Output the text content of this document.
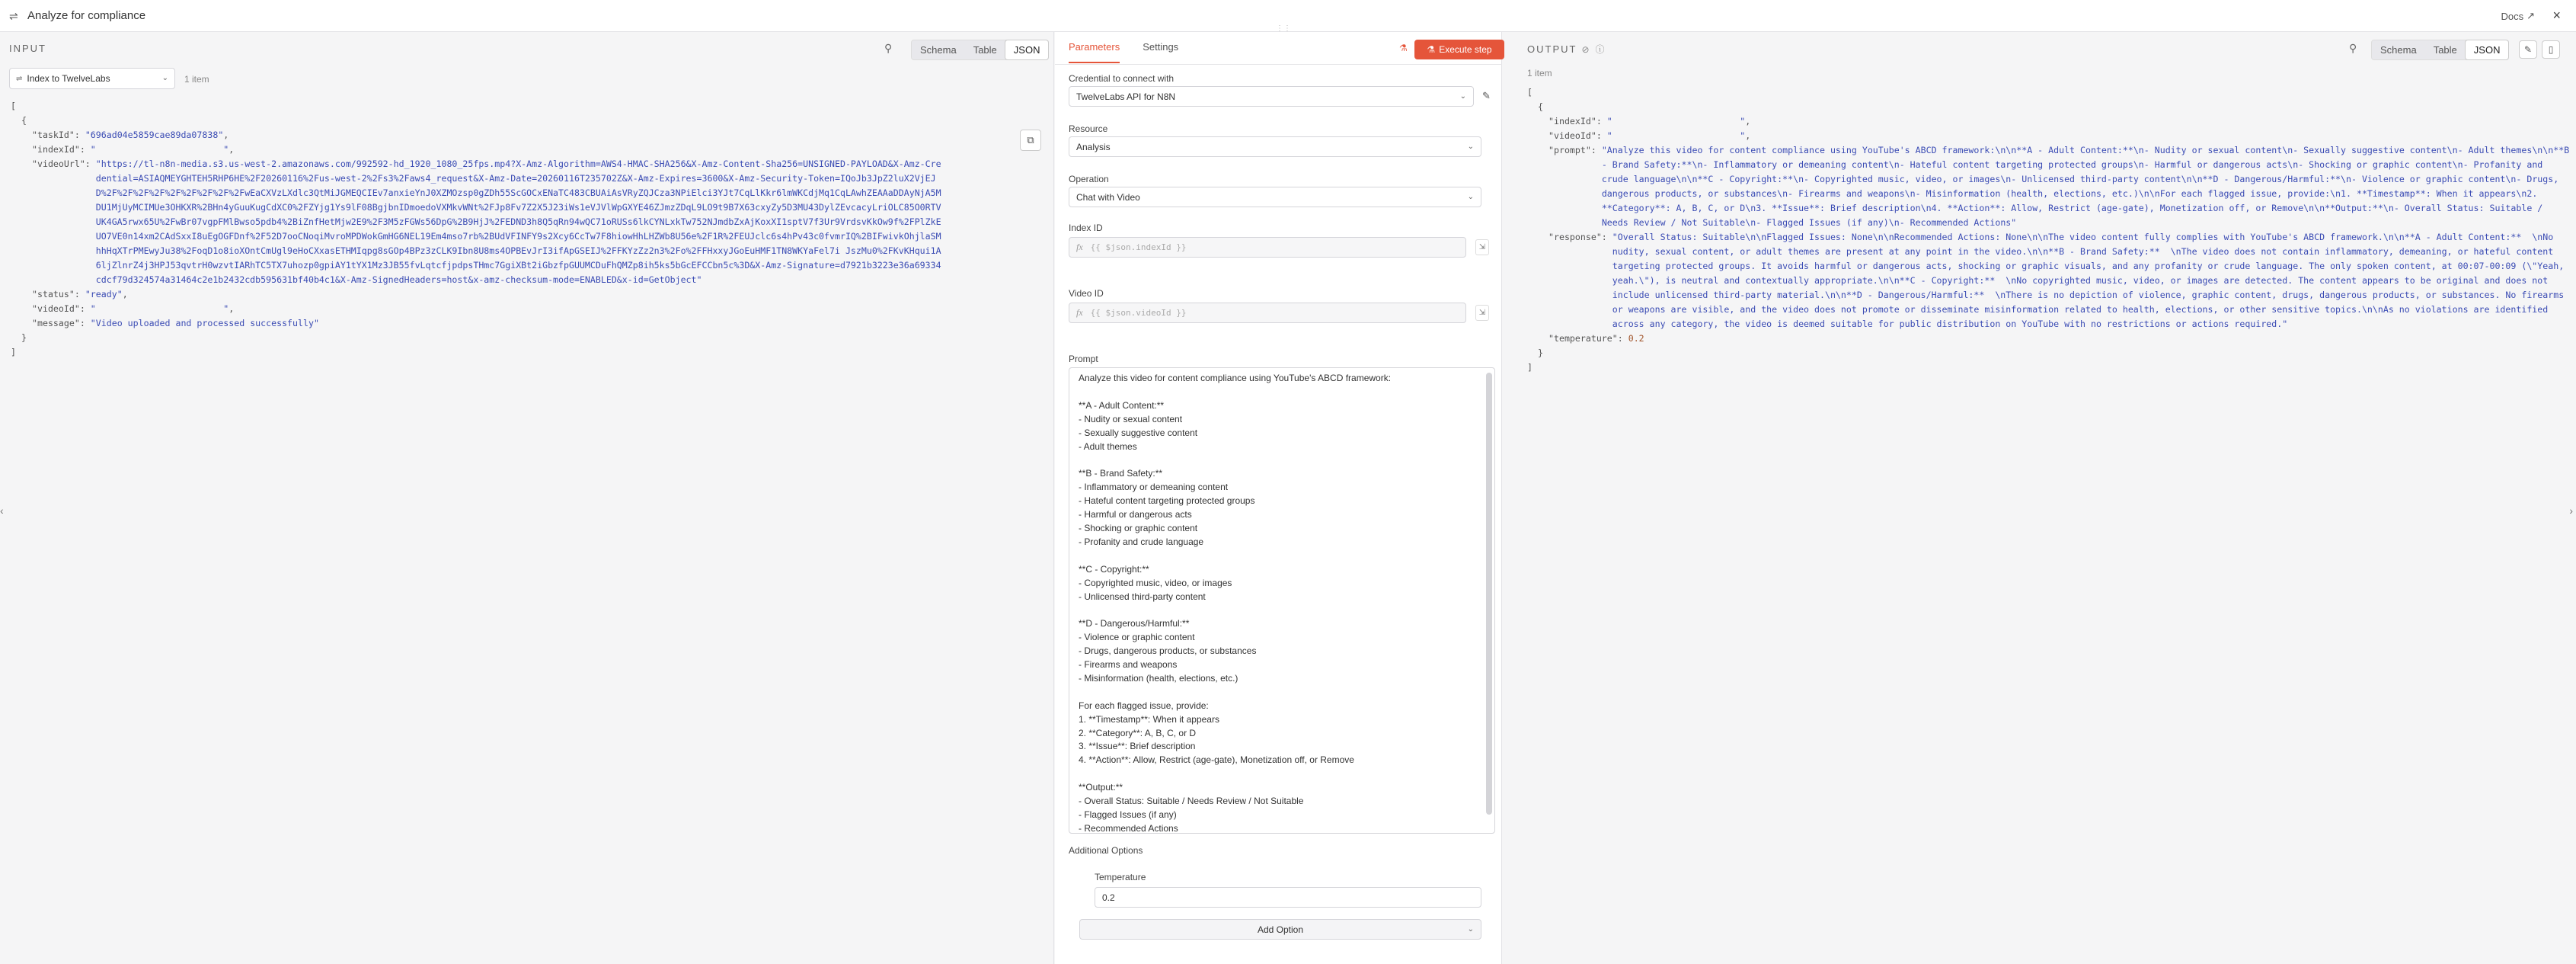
⇌ Analyze for compliance	Docs ↗ ×
INPUT	⚲	Schema	Table	JSON
⇌ Index to TwelveLabs	⌄ 1 item
⧉
[
{
"taskId": "696ad04e5859cae89da07838",
"indexId": "                        ",
"videoUrl": "https://tl-n8n-media.s3.us-west-2.amazonaws.com/992592-hd_1920_1080_25fps.mp4?X-Amz-Algorithm=AWS4-HMAC-SHA256&X-Amz-Content-Sha256=UNSIGNED-PAYLOAD&X-Amz-Credential=ASIAQMEYGHTEH5RHP6HE%2F20260116%2Fus-west-2%2Fs3%2Faws4_request&X-Amz-Date=20260116T235702Z&X-Amz-Expires=3600&X-Amz-Security-Token=IQoJb3JpZ2luX2VjEJD%2F%2F%2F%2F%2F%2F%2F%2F%2FwEaCXVzLXdlc3QtMiJGMEQCIEv7anxieYnJ0XZMOzsp0gZDh55ScGOCxENaTC483CBUAiAsVRyZQJCza3NPiElci3YJt7CqLlKkr6lmWKCdjMq1CqLAwhZEAAaDDAyNjA5MDU1MjUyMCIMUe3OHKXR%2BHn4yGuuKugCdXC0%2FZYjg1Ys9lF08BgjbnIDmoedoVXMkvWNt%2FJp8Fv7Z2X5J23iWs1eVJVlWpGXYE46ZJmzZDqL9LO9t9B7X63cxyZy5D3MU43DylZEvcacyLriOLC85O0RTVUK4GA5rwx65U%2FwBr07vgpFMlBwso5pdb4%2BiZnfHetMjw2E9%2F3M5zFGWs56DpG%2B9HjJ%2FEDND3h8Q5qRn94wQC71oRUSs6lkCYNLxkTw752NJmdbZxAjKoxXI1sptV7f3Ur9VrdsvKkOw9f%2FPlZkEUO7VE0n14xm2CAdSxxI8uEgOGFDnf%2F52D7ooCNoqiMvroMPDWokGmHG6NEL19Em4mso7rb%2BUdVFINFY9s2Xcy6CcTw7F8hiowHhLHZWb8U56e%2F1R%2FEUJclc6s4hPv43c0fvmrIQ%2BIFwivkOhjlaSMhhHqXTrPMEwyJu38%2FoqD1o8ioXOntCmUgl9eHoCXxasETHMIqpg8sGOp4BPz3zCLK9Ibn8U8ms4OPBEvJrI3ifApGSEIJ%2FFKYzZz2n3%2Fo%2FFHxxyJGoEuHMF1TN8WKYaFel7i JszMu0%2FKvKHqui1A6ljZlnrZ4j3HPJ53qvtrH0wzvtIARhTC5TX7uhozp0gpiAY1tYX1Mz3JB55fvLqtcfjpdpsTHmc7GgiXBt2iGbzfpGUUMCDuFhQMZp8ih5ks5bGcEFCCbn5c%3D&X-Amz-Signature=d7921b3223e36a69334cdcf79d324574a31464c2e1b2432cdb595631bf40b4c1&X-Amz-SignedHeaders=host&x-amz-checksum-mode=ENABLED&x-id=GetObject"
"status": "ready",
"videoId": "                        ",
"message": "Video uploaded and processed successfully"
}
]
‹
⋮⋮
Parameters Settings	⚗ ⚗ Execute step
Credential to connect with
TwelveLabs API for N8N	⌄ ✎
Resource
Analysis	⌄
Operation
Chat with Video	⌄
Index ID
fx {{ $json.indexId }}	⇲
Video ID
fx {{ $json.videoId }}	⇲
Prompt
Analyze this video for content compliance using YouTube's ABCD framework:

**A - Adult Content:**
- Nudity or sexual content
- Sexually suggestive content
- Adult themes

**B - Brand Safety:**
- Inflammatory or demeaning content
- Hateful content targeting protected groups
- Harmful or dangerous acts
- Shocking or graphic content
- Profanity and crude language

**C - Copyright:**
- Copyrighted music, video, or images
- Unlicensed third-party content

**D - Dangerous/Harmful:**
- Violence or graphic content
- Drugs, dangerous products, or substances
- Firearms and weapons
- Misinformation (health, elections, etc.)

For each flagged issue, provide:
1. **Timestamp**: When it appears
2. **Category**: A, B, C, or D
3. **Issue**: Brief description
4. **Action**: Allow, Restrict (age-gate), Monetization off, or Remove

**Output:**
- Overall Status: Suitable / Needs Review / Not Suitable
- Flagged Issues (if any)
- Recommended Actions
Additional Options
Temperature
0.2
Add Option	⌄
OUTPUT ⊘ ⓘ	⚲	Schema	Table	JSON	✎	▯
1 item
[
{
"indexId": "                        ",
"videoId": "                        ",
"prompt": "Analyze this video for content compliance using YouTube's ABCD framework:\n\n**A - Adult Content:**\n- Nudity or sexual content\n- Sexually suggestive content\n- Adult themes\n\n**B - Brand Safety:**\n- Inflammatory or demeaning content\n- Hateful content targeting protected groups\n- Harmful or dangerous acts\n- Shocking or graphic content\n- Profanity and crude language\n\n**C - Copyright:**\n- Copyrighted music, video, or images\n- Unlicensed third-party content\n\n**D - Dangerous/Harmful:**\n- Violence or graphic content\n- Drugs, dangerous products, or substances\n- Firearms and weapons\n- Misinformation (health, elections, etc.)\n\nFor each flagged issue, provide:\n1. **Timestamp**: When it appears\n2. **Category**: A, B, C, or D\n3. **Issue**: Brief description\n4. **Action**: Allow, Restrict (age-gate), Monetization off, or Remove\n\n**Output:**\n- Overall Status: Suitable / Needs Review / Not Suitable\n- Flagged Issues (if any)\n- Recommended Actions"
"response": "Overall Status: Suitable\n\nFlagged Issues: None\n\nRecommended Actions: None\n\nThe video content fully complies with YouTube's ABCD framework.\n\n**A - Adult Content:**  \nNo nudity, sexual content, or adult themes are present at any point in the video.\n\n**B - Brand Safety:**  \nThe video does not contain inflammatory, demeaning, or hateful content targeting protected groups. It avoids harmful or dangerous acts, shocking or graphic visuals, and any profanity or crude language. The only spoken content, at 00:07-00:09 (\"Yeah, yeah.\"), is neutral and contextually appropriate.\n\n**C - Copyright:**  \nNo copyrighted music, video, or images are detected. The content appears to be original and does not include unlicensed third-party material.\n\n**D - Dangerous/Harmful:**  \nThere is no depiction of violence, graphic content, drugs, dangerous products, or substances. No firearms or weapons are visible, and the video does not promote or disseminate misinformation related to health, elections, or other sensitive topics.\n\nAs no violations are identified across any category, the video is deemed suitable for public distribution on YouTube with no restrictions or actions required."
"temperature": 0.2
}
]
›
